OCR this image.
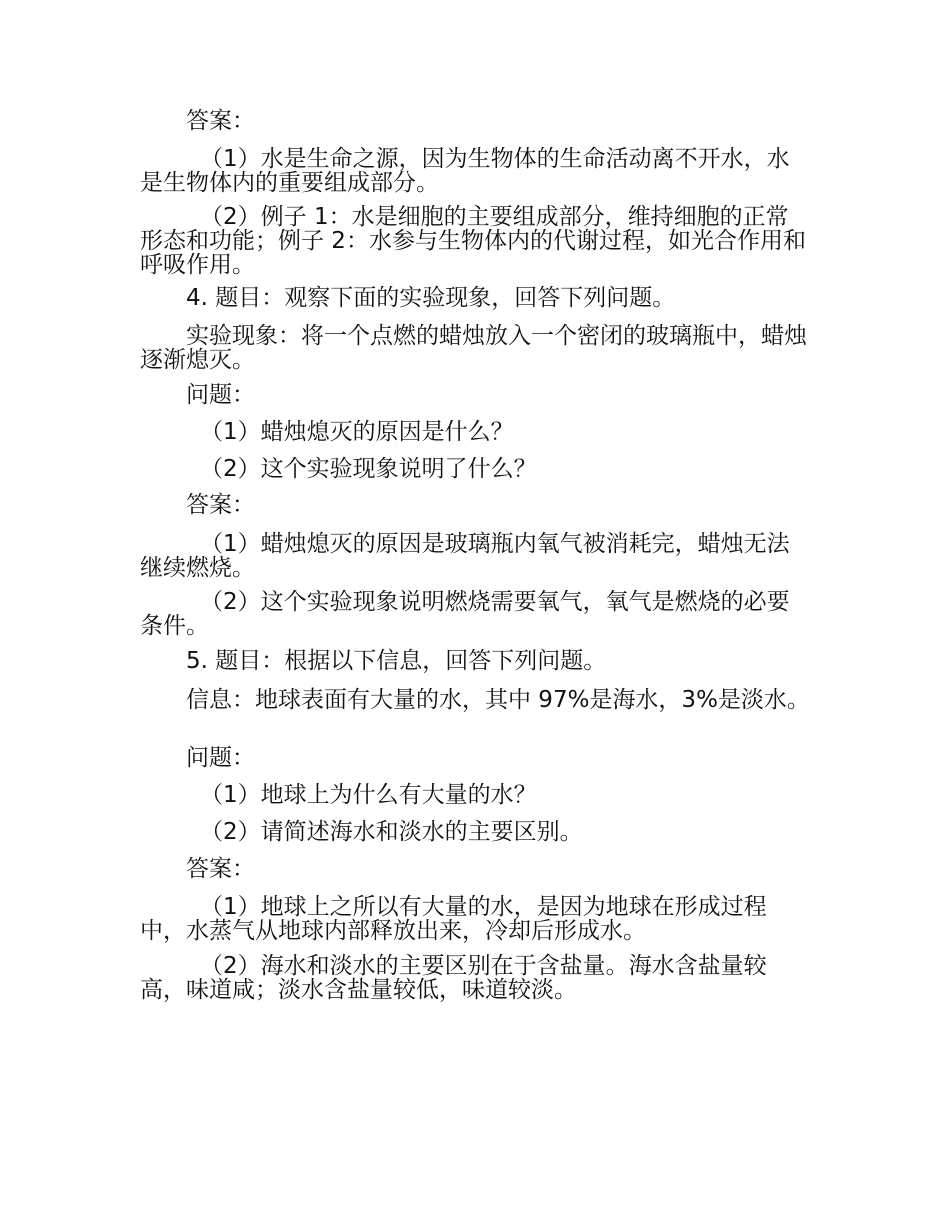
答案：
（1）水是生命之源，因为生物体的生命活动离不开水，水是生物体内的重要组成部分。
（2）例子 1：水是细胞的主要组成部分，维持细胞的正常形态和功能；例子 2：水参与生物体内的代谢过程，如光合作用和呼吸作用。
4. 题目：观察下面的实验现象，回答下列问题。
实验现象：将一个点燃的蜡烛放入一个密闭的玻璃瓶中，蜡烛逐渐熄灭。
问题：
（1）蜡烛熄灭的原因是什么？
（2）这个实验现象说明了什么？
答案：
（1）蜡烛熄灭的原因是玻璃瓶内氧气被消耗完，蜡烛无法继续燃烧。
（2）这个实验现象说明燃烧需要氧气，氧气是燃烧的必要条件。
5. 题目：根据以下信息，回答下列问题。
信息：地球表面有大量的水，其中 97%是海水，3%是淡水。
问题：
（1）地球上为什么有大量的水？
（2）请简述海水和淡水的主要区别。
答案：
（1）地球上之所以有大量的水，是因为地球在形成过程中，水蒸气从地球内部释放出来，冷却后形成水。
（2）海水和淡水的主要区别在于含盐量。海水含盐量较高，味道咸；淡水含盐量较低，味道较淡。
